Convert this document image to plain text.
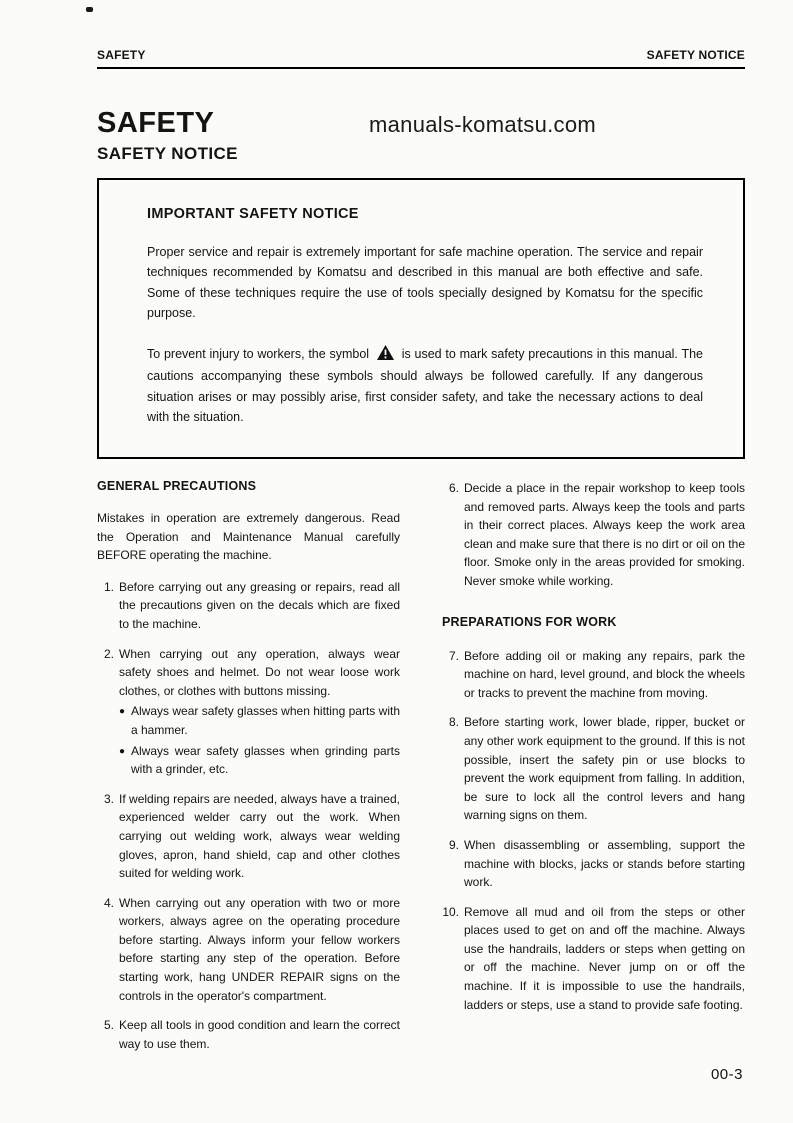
SAFETY	SAFETY NOTICE
SAFETY	manuals-komatsu.com
SAFETY NOTICE
IMPORTANT SAFETY NOTICE

Proper service and repair is extremely important for safe machine operation. The service and repair techniques recommended by Komatsu and described in this manual are both effective and safe. Some of these techniques require the use of tools specially designed by Komatsu for the specific purpose.

To prevent injury to workers, the symbol	is used to mark safety precautions in this manual. The cautions accompanying these symbols should always be followed carefully. If any dangerous situation arises or may possibly arise, first consider safety, and take the necessary actions to deal with the situation.

GENERAL PRECAUTIONS

Mistakes in operation are extremely dangerous. Read the Operation and Maintenance Manual carefully BEFORE operating the machine.

1. Before carrying out any greasing or repairs, read all the precautions given on the decals which are fixed to the machine.
2. When carrying out any operation, always wear safety shoes and helmet. Do not wear loose work clothes, or clothes with buttons missing.
● Always wear safety glasses when hitting parts with a hammer.
● Always wear safety glasses when grinding parts with a grinder, etc.
3. If welding repairs are needed, always have a trained, experienced welder carry out the work. When carrying out welding work, always wear welding gloves, apron, hand shield, cap and other clothes suited for welding work.
4. When carrying out any operation with two or more workers, always agree on the operating procedure before starting. Always inform your fellow workers before starting any step of the operation. Before starting work, hang UNDER REPAIR signs on the controls in the operator's compartment.
5. Keep all tools in good condition and learn the correct way to use them.
6. Decide a place in the repair workshop to keep tools and removed parts. Always keep the tools and parts in their correct places. Always keep the work area clean and make sure that there is no dirt or oil on the floor. Smoke only in the areas provided for smoking. Never smoke while working.
PREPARATIONS FOR WORK
7. Before adding oil or making any repairs, park the machine on hard, level ground, and block the wheels or tracks to prevent the machine from moving.
8. Before starting work, lower blade, ripper, bucket or any other work equipment to the ground. If this is not possible, insert the safety pin or use blocks to prevent the work equipment from falling. In addition, be sure to lock all the control levers and hang warning signs on them.
9. When disassembling or assembling, support the machine with blocks, jacks or stands before starting work.
10. Remove all mud and oil from the steps or other places used to get on and off the machine. Always use the handrails, ladders or steps when getting on or off the machine. Never jump on or off the machine. If it is impossible to use the handrails, ladders or steps, use a stand to provide safe footing.
00-3
